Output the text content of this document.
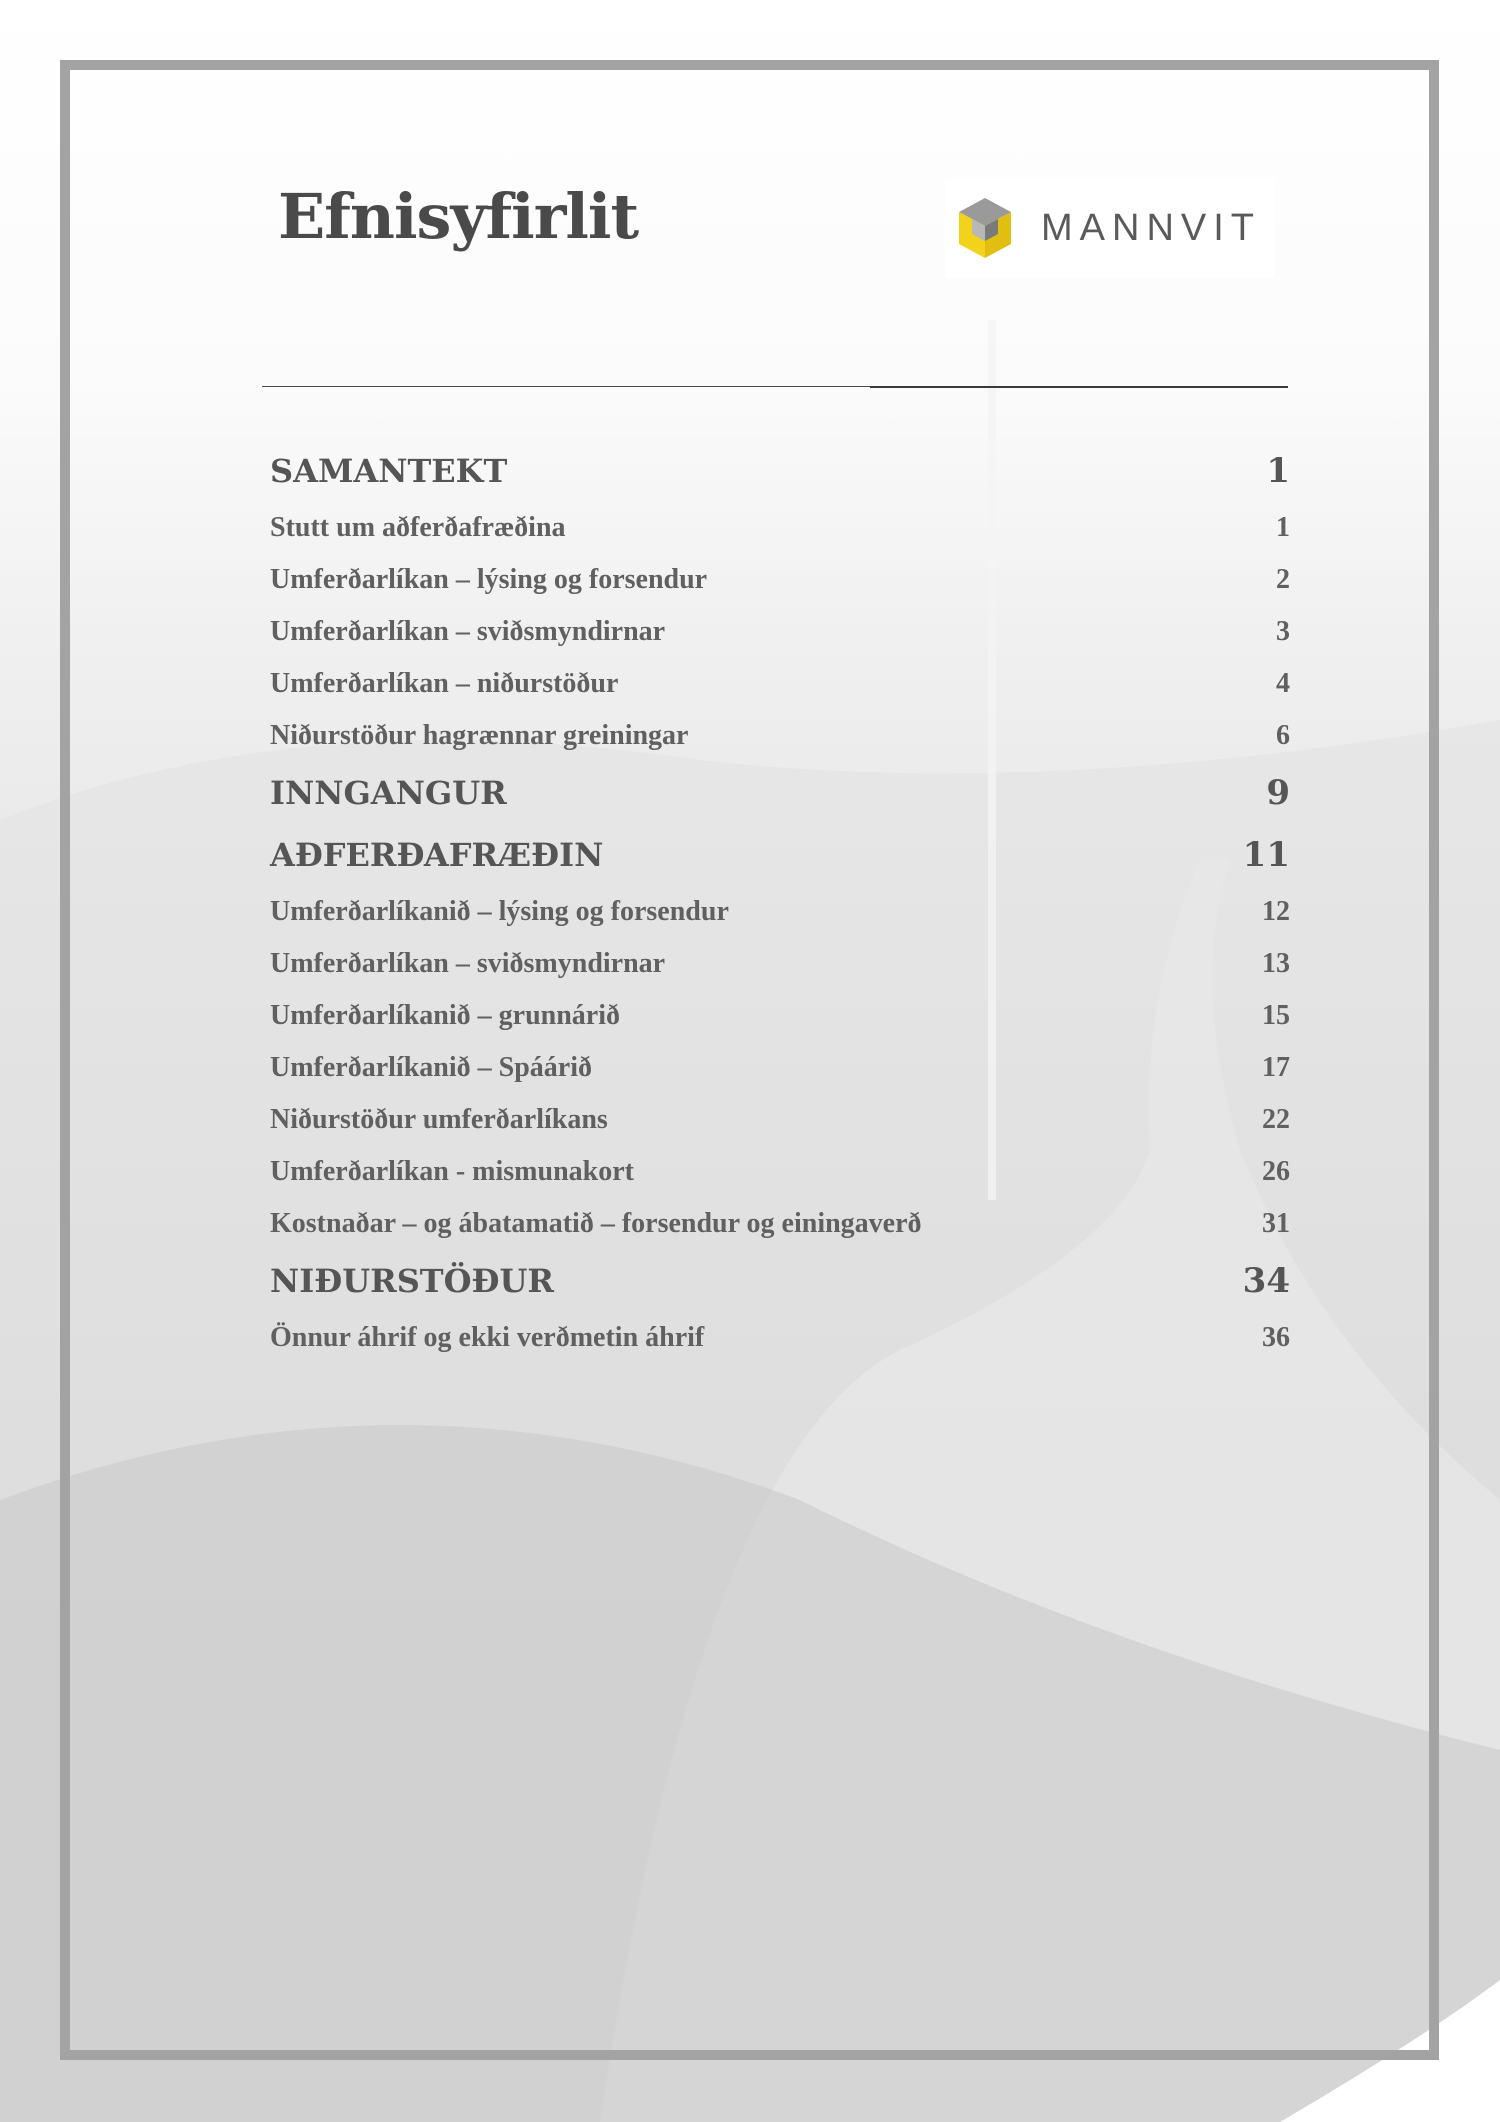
Efnisyfirlit	MANNVIT
SAMANTEKT	1
Stutt um aðferðafræðina	1
Umferðarlíkan – lýsing og forsendur	2
Umferðarlíkan – sviðsmyndirnar	3
Umferðarlíkan – niðurstöður	4
Niðurstöður hagrænnar greiningar	6
INNGANGUR	9
AÐFERÐAFRÆÐIN	11
Umferðarlíkanið – lýsing og forsendur	12
Umferðarlíkan – sviðsmyndirnar	13
Umferðarlíkanið – grunnárið	15
Umferðarlíkanið – Spáárið	17
Niðurstöður umferðarlíkans	22
Umferðarlíkan - mismunakort	26
Kostnaðar – og ábatamatið – forsendur og einingaverð	31
NIÐURSTÖÐUR	34
Önnur áhrif og ekki verðmetin áhrif	36
